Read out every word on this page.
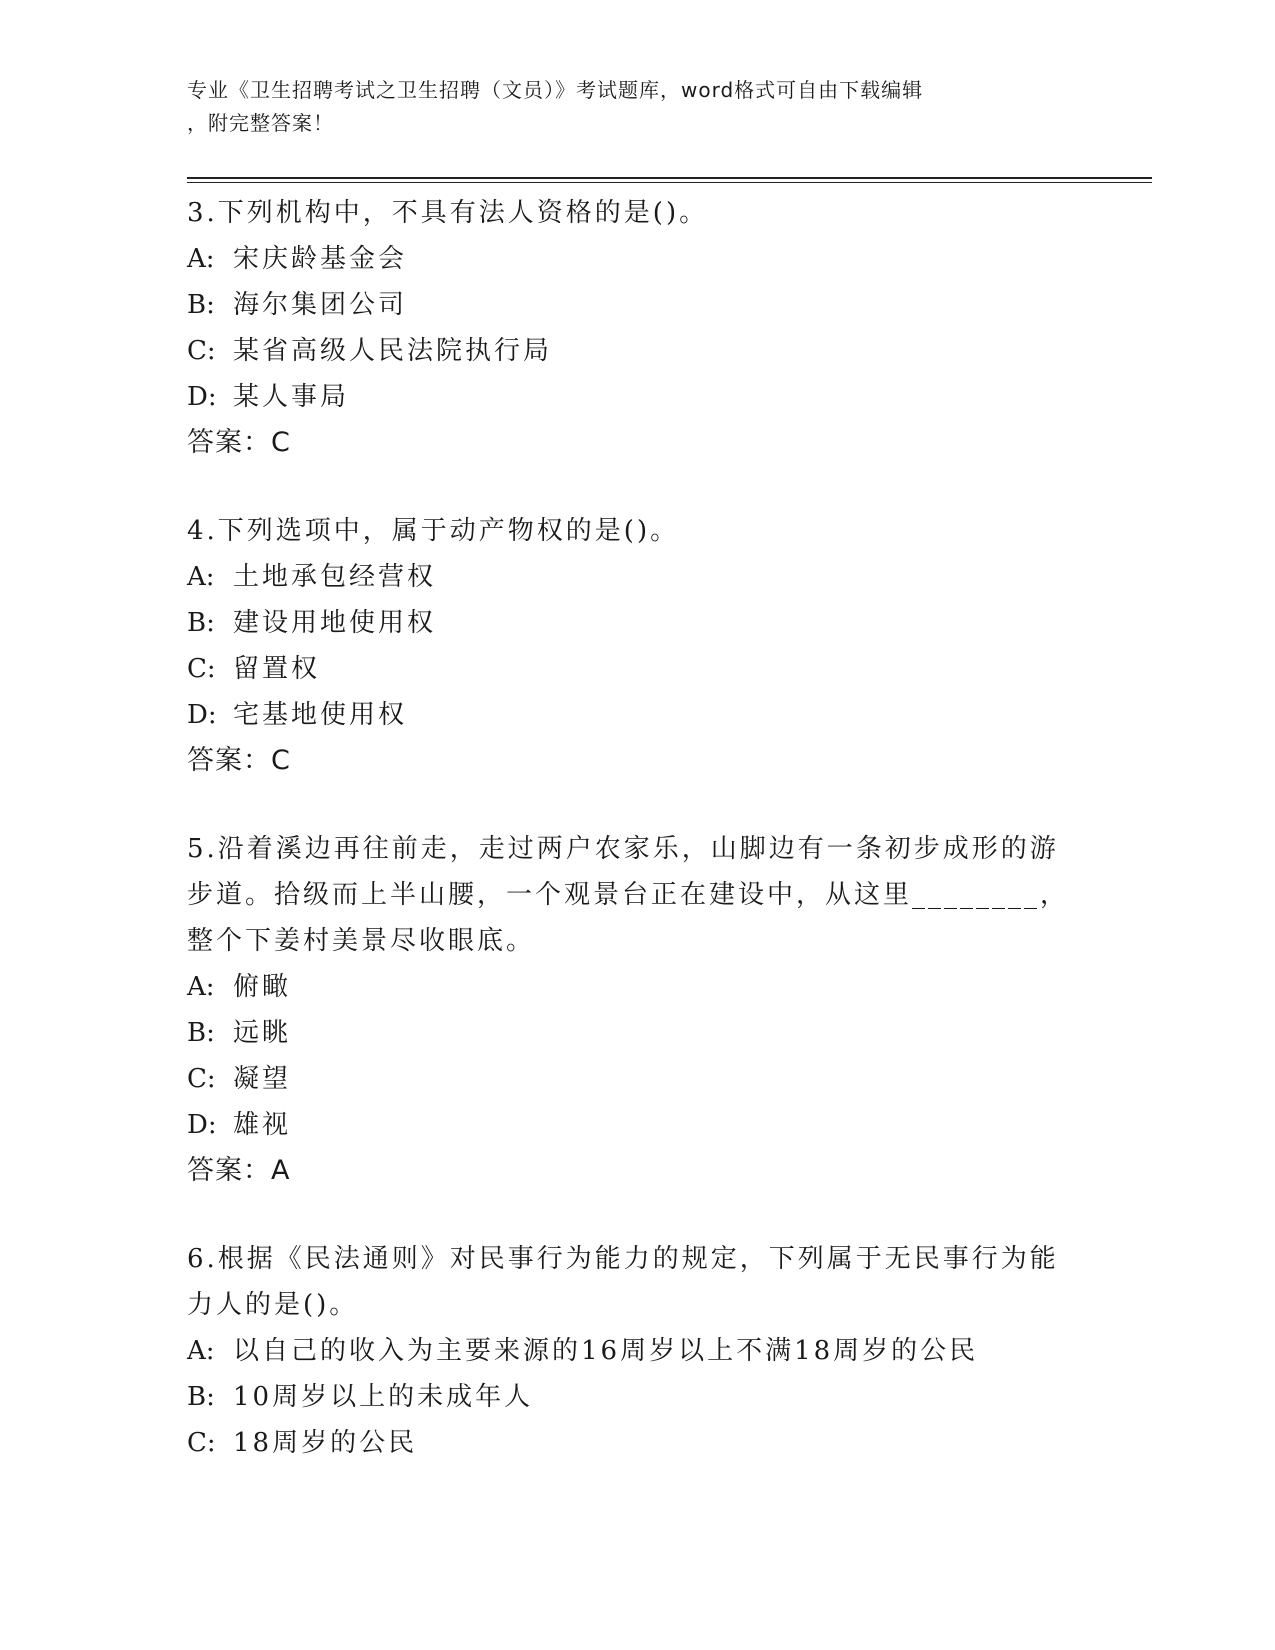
专业《卫生招聘考试之卫生招聘（文员）》考试题库，word格式可自由下载编辑
，附完整答案！
3.下列机构中，不具有法人资格的是()。
A: 宋庆龄基金会
B: 海尔集团公司
C: 某省高级人民法院执行局
D: 某人事局
答案：C
4.下列选项中，属于动产物权的是()。
A: 土地承包经营权
B: 建设用地使用权
C: 留置权
D: 宅基地使用权
答案：C
5.沿着溪边再往前走，走过两户农家乐，山脚边有一条初步成形的游
步道。拾级而上半山腰，一个观景台正在建设中，从这里________，
整个下姜村美景尽收眼底。
A: 俯瞰
B: 远眺
C: 凝望
D: 雄视
答案：A
6.根据《民法通则》对民事行为能力的规定，下列属于无民事行为能
力人的是()。
A: 以自己的收入为主要来源的16周岁以上不满18周岁的公民
B: 10周岁以上的未成年人
C: 18周岁的公民
